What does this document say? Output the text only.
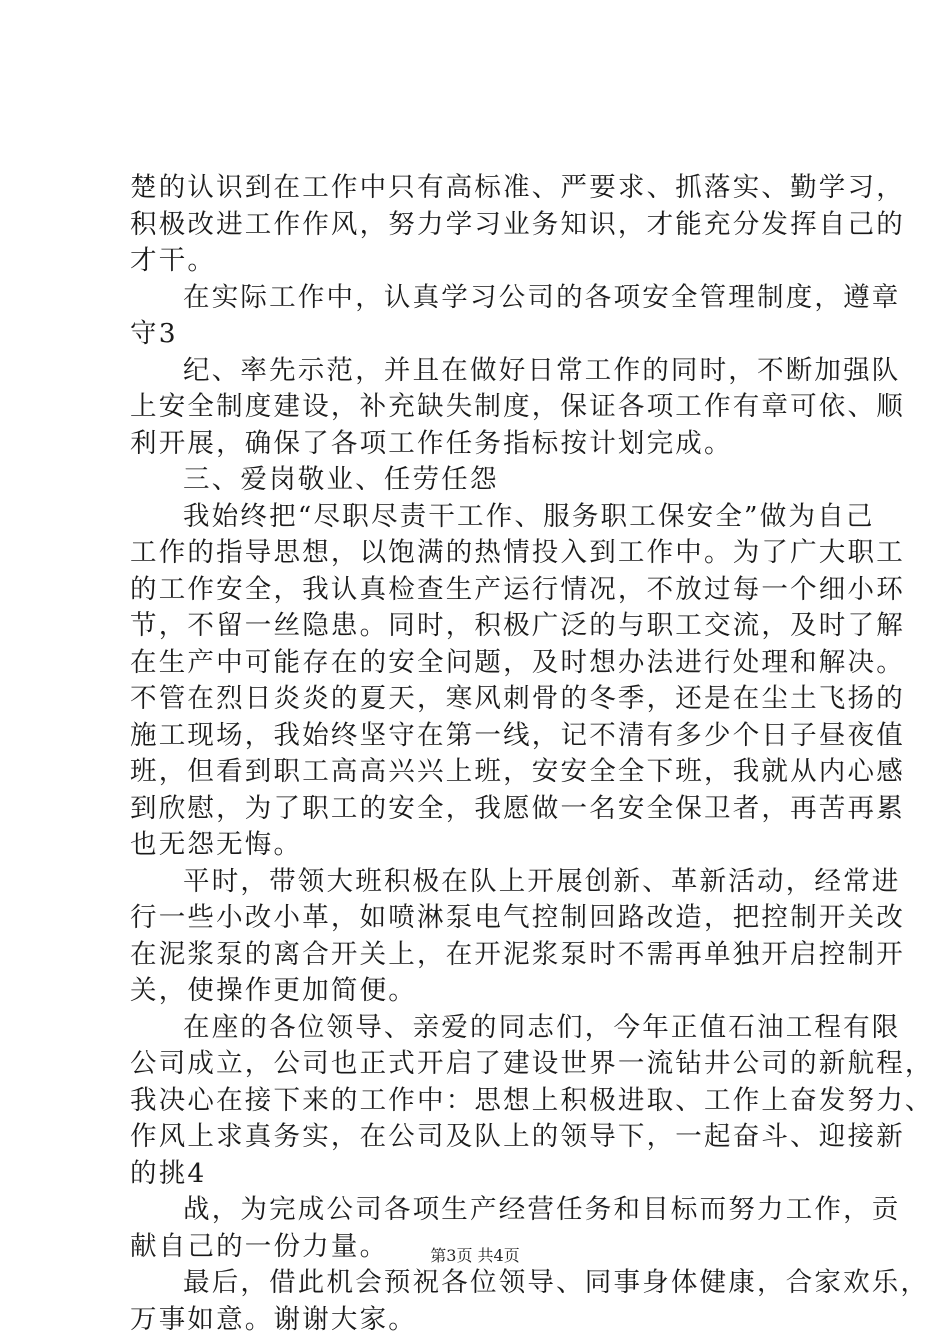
楚的认识到在工作中只有高标准、严要求、抓落实、勤学习，
积极改进工作作风，努力学习业务知识，才能充分发挥自己的
才干。
在实际工作中，认真学习公司的各项安全管理制度，遵章
守3
纪、率先示范，并且在做好日常工作的同时，不断加强队
上安全制度建设，补充缺失制度，保证各项工作有章可依、顺
利开展，确保了各项工作任务指标按计划完成。
三、爱岗敬业、任劳任怨
我始终把“尽职尽责干工作、服务职工保安全”做为自己
工作的指导思想，以饱满的热情投入到工作中。为了广大职工
的工作安全，我认真检查生产运行情况，不放过每一个细小环
节，不留一丝隐患。同时，积极广泛的与职工交流，及时了解
在生产中可能存在的安全问题，及时想办法进行处理和解决。
不管在烈日炎炎的夏天，寒风刺骨的冬季，还是在尘土飞扬的
施工现场，我始终坚守在第一线，记不清有多少个日子昼夜值
班，但看到职工高高兴兴上班，安安全全下班，我就从内心感
到欣慰，为了职工的安全，我愿做一名安全保卫者，再苦再累
也无怨无悔。
平时，带领大班积极在队上开展创新、革新活动，经常进
行一些小改小革，如喷淋泵电气控制回路改造，把控制开关改
在泥浆泵的离合开关上，在开泥浆泵时不需再单独开启控制开
关，使操作更加简便。
在座的各位领导、亲爱的同志们，今年正值石油工程有限
公司成立，公司也正式开启了建设世界一流钻井公司的新航程，
我决心在接下来的工作中：思想上积极进取、工作上奋发努力、
作风上求真务实，在公司及队上的领导下，一起奋斗、迎接新
的挑4
战，为完成公司各项生产经营任务和目标而努力工作，贡
献自己的一份力量。
最后，借此机会预祝各位领导、同事身体健康，合家欢乐，
万事如意。谢谢大家。
第3页 共4页
